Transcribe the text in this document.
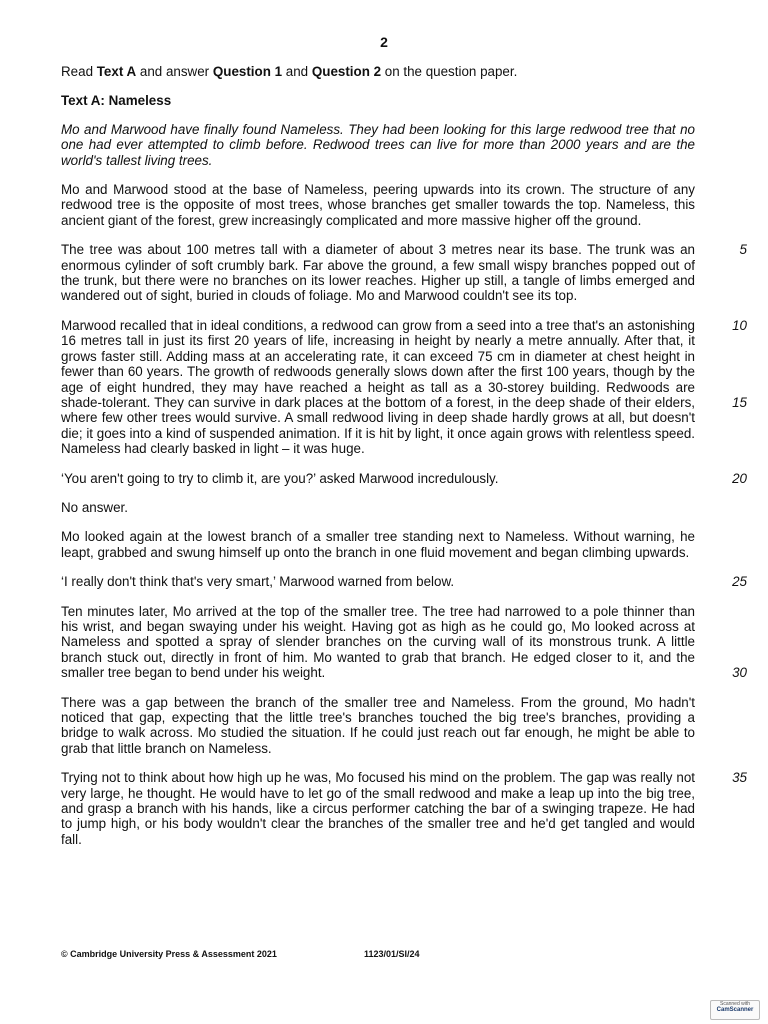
2

Read Text A and answer Question 1 and Question 2 on the question paper.

Text A: Nameless

Mo and Marwood have finally found Nameless. They had been looking for this large redwood tree that no one had ever attempted to climb before. Redwood trees can live for more than 2000 years and are the world's tallest living trees.

Mo and Marwood stood at the base of Nameless, peering upwards into its crown. The structure of any redwood tree is the opposite of most trees, whose branches get smaller towards the top. Nameless, this ancient giant of the forest, grew increasingly complicated and more massive higher off the ground.

The tree was about 100 metres tall with a diameter of about 3 metres near its base. The trunk was an enormous cylinder of soft crumbly bark. Far above the ground, a few small wispy branches popped out of the trunk, but there were no branches on its lower reaches. Higher up still, a tangle of limbs emerged and wandered out of sight, buried in clouds of foliage. Mo and Marwood couldn't see its top.
5

Marwood recalled that in ideal conditions, a redwood can grow from a seed into a tree that's an astonishing 16 metres tall in just its first 20 years of life, increasing in height by nearly a metre annually. After that, it grows faster still. Adding mass at an accelerating rate, it can exceed 75 cm in diameter at chest height in fewer than 60 years. The growth of redwoods generally slows down after the first 100 years, though by the age of eight hundred, they may have reached a height as tall as a 30-storey building. Redwoods are shade-tolerant. They can survive in dark places at the bottom of a forest, in the deep shade of their elders, where few other trees would survive. A small redwood living in deep shade hardly grows at all, but doesn't die; it goes into a kind of suspended animation. If it is hit by light, it once again grows with relentless speed. Nameless had clearly basked in light – it was huge.
10
15

‘You aren't going to try to climb it, are you?’ asked Marwood incredulously.	20

No answer.

Mo looked again at the lowest branch of a smaller tree standing next to Nameless. Without warning, he leapt, grabbed and swung himself up onto the branch in one fluid movement and began climbing upwards.

‘I really don't think that's very smart,’ Marwood warned from below.	25

Ten minutes later, Mo arrived at the top of the smaller tree. The tree had narrowed to a pole thinner than his wrist, and began swaying under his weight. Having got as high as he could go, Mo looked across at Nameless and spotted a spray of slender branches on the curving wall of its monstrous trunk. A little branch stuck out, directly in front of him. Mo wanted to grab that branch. He edged closer to it, and the smaller tree began to bend under his weight.	30

There was a gap between the branch of the smaller tree and Nameless. From the ground, Mo hadn't noticed that gap, expecting that the little tree's branches touched the big tree's branches, providing a bridge to walk across. Mo studied the situation. If he could just reach out far enough, he might be able to grab that little branch on Nameless.

Trying not to think about how high up he was, Mo focused his mind on the problem. The gap was really not very large, he thought. He would have to let go of the small redwood and make a leap up into the big tree, and grasp a branch with his hands, like a circus performer catching the bar of a swinging trapeze. He had to jump high, or his body wouldn't clear the branches of the smaller tree and he'd get tangled and would fall.
35

© Cambridge University Press & Assessment 2021	1123/01/SI/24
Scanned with
CamScanner
